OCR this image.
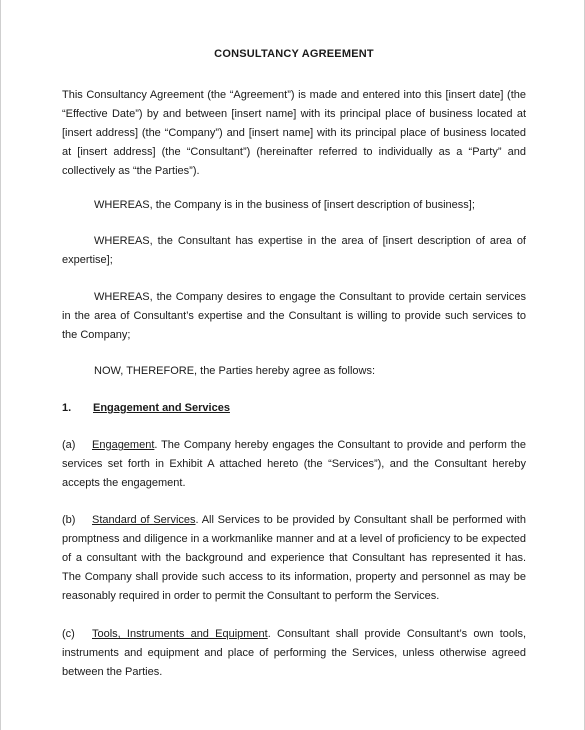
CONSULTANCY AGREEMENT
This Consultancy Agreement (the “Agreement”) is made and entered into this [insert date] (the “Effective Date”) by and between [insert name] with its principal place of business located at [insert address] (the “Company”) and [insert name] with its principal place of business located at [insert address] (the “Consultant”) (hereinafter referred to individually as a “Party” and collectively as “the Parties”).
WHEREAS, the Company is in the business of [insert description of business];
WHEREAS, the Consultant has expertise in the area of [insert description of area of expertise];
WHEREAS, the Company desires to engage the Consultant to provide certain services in the area of Consultant’s expertise and the Consultant is willing to provide such services to the Company;
NOW, THEREFORE, the Parties hereby agree as follows:
1. Engagement and Services
(a) Engagement. The Company hereby engages the Consultant to provide and perform the services set forth in Exhibit A attached hereto (the “Services”), and the Consultant hereby accepts the engagement.
(b) Standard of Services. All Services to be provided by Consultant shall be performed with promptness and diligence in a workmanlike manner and at a level of proficiency to be expected of a consultant with the background and experience that Consultant has represented it has. The Company shall provide such access to its information, property and personnel as may be reasonably required in order to permit the Consultant to perform the Services.
(c) Tools, Instruments and Equipment. Consultant shall provide Consultant’s own tools, instruments and equipment and place of performing the Services, unless otherwise agreed between the Parties.
